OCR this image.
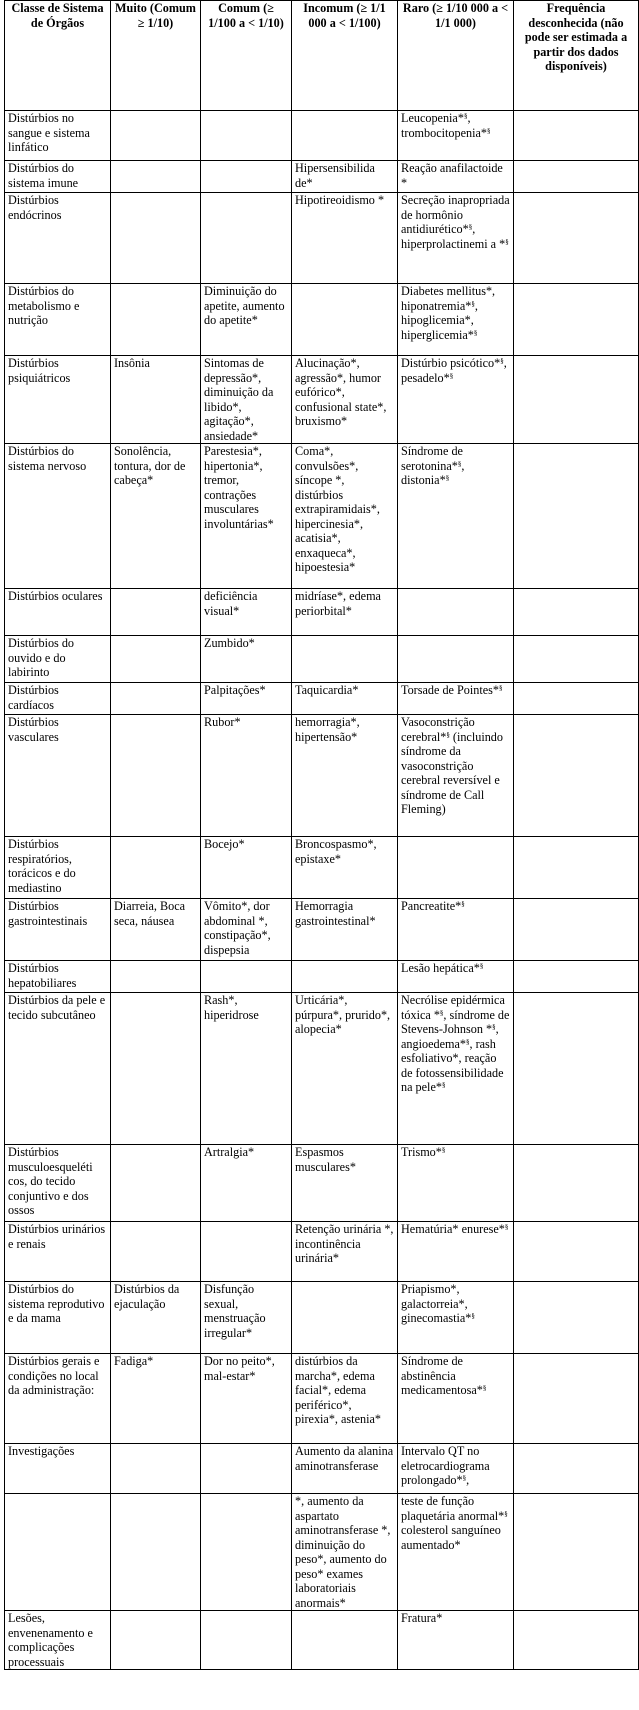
Classe de Sistema de Órgãos	Muito (Comum ≥ 1/10)	Comum (≥ 1/100 a < 1/10)	Incomum (≥ 1/1 000 a < 1/100)	Raro (≥ 1/10 000 a < 1/1 000)	Frequência desconhecida (não pode ser estimada a partir dos dados disponíveis)
Distúrbios no sangue e sistema linfático				Leucopenia*§, trombocitopenia*§	
Distúrbios do sistema imune			Hipersensibilida de*	Reação anafilactoide *	
Distúrbios endócrinos			Hipotireoidismo *	Secreção inapropriada de hormônio antidiurético*§, hiperprolactinemi a *§	
Distúrbios do metabolismo e nutrição		Diminuição do apetite, aumento do apetite*		Diabetes mellitus*, hiponatremia*§, hipoglicemia*, hiperglicemia*§	
Distúrbios psiquiátricos	Insônia	Sintomas de depressão*, diminuição da libido*, agitação*, ansiedade*	Alucinação*, agressão*, humor eufórico*, confusional state*, bruxismo*	Distúrbio psicótico*§, pesadelo*§	
Distúrbios do sistema nervoso	Sonolência, tontura, dor de cabeça*	Parestesia*, hipertonia*, tremor, contrações musculares involuntárias*	Coma*, convulsões*, síncope *, distúrbios extrapiramidais*, hipercinesia*, acatisia*, enxaqueca*, hipoestesia*	Síndrome de serotonina*§, distonia*§	
Distúrbios oculares		deficiência visual*	midríase*, edema periorbital*		
Distúrbios do ouvido e do labirinto		Zumbido*			
Distúrbios cardíacos		Palpitações*	Taquicardia*	Torsade de Pointes*§	
Distúrbios vasculares		Rubor*	hemorragia*, hipertensão*	Vasoconstrição cerebral*§ (incluindo síndrome da vasoconstrição cerebral reversível e síndrome de Call Fleming)	
Distúrbios respiratórios, torácicos e do mediastino		Bocejo*	Broncospasmo*, epistaxe*		
Distúrbios gastrointestinais	Diarreia, Boca seca, náusea	Vômito*, dor abdominal *, constipação*, dispepsia	Hemorragia gastrointestinal*	Pancreatite*§	
Distúrbios hepatobiliares				Lesão hepática*§	
Distúrbios da pele e tecido subcutâneo		Rash*, hiperidrose	Urticária*, púrpura*, prurido*, alopecia*	Necrólise epidérmica tóxica *§, síndrome de Stevens-Johnson *§, angioedema*§, rash esfoliativo*, reação de fotossensibilidade na pele*§	
Distúrbios musculoesqueléti cos, do tecido conjuntivo e dos ossos		Artralgia*	Espasmos musculares*	Trismo*§	
Distúrbios urinários e renais			Retenção urinária *, incontinência urinária*	Hematúria* enurese*§	
Distúrbios do sistema reprodutivo e da mama	Distúrbios da ejaculação	Disfunção sexual, menstruação irregular*		Priapismo*, galactorreia*, ginecomastia*§	
Distúrbios gerais e condições no local da administração:	Fadiga*	Dor no peito*, mal-estar*	distúrbios da marcha*, edema facial*, edema periférico*, pirexia*, astenia*	Síndrome de abstinência medicamentosa*§	
Investigações			Aumento da alanina aminotransferase	Intervalo QT no eletrocardiograma prolongado*§,	
			*, aumento da aspartato aminotransferase *, diminuição do peso*, aumento do peso* exames laboratoriais anormais*	teste de função plaquetária anormal*§ colesterol sanguíneo aumentado*	
Lesões, envenenamento e complicações processuais				Fratura*	
